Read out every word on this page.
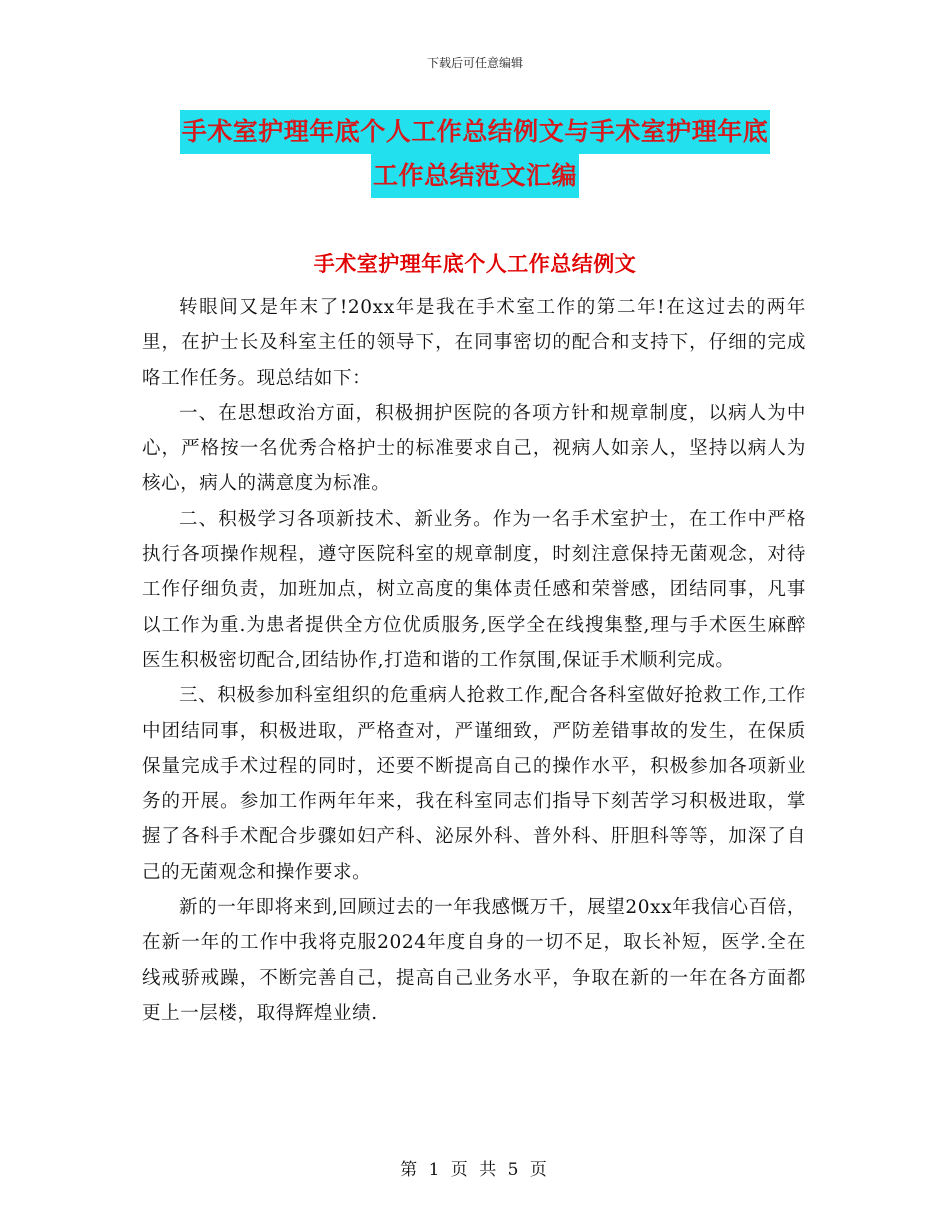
下载后可任意编辑
手术室护理年底个人工作总结例文与手术室护理年底
工作总结范文汇编
手术室护理年底个人工作总结例文

转眼间又是年末了!20xx年是我在手术室工作的第二年!在这过去的两年里，在护士长及科室主任的领导下，在同事密切的配合和支持下，仔细的完成咯工作任务。现总结如下：

一、在思想政治方面，积极拥护医院的各项方针和规章制度，以病人为中心，严格按一名优秀合格护士的标准要求自己，视病人如亲人，坚持以病人为核心，病人的满意度为标准。

二、积极学习各项新技术、新业务。作为一名手术室护士，在工作中严格执行各项操作规程，遵守医院科室的规章制度，时刻注意保持无菌观念，对待工作仔细负责，加班加点，树立高度的集体责任感和荣誉感，团结同事，凡事以工作为重.为患者提供全方位优质服务,医学全在线搜集整,理与手术医生麻醉医生积极密切配合,团结协作,打造和谐的工作氛围,保证手术顺利完成。

三、积极参加科室组织的危重病人抢救工作,配合各科室做好抢救工作,工作中团结同事，积极进取，严格查对，严谨细致，严防差错事故的发生，在保质保量完成手术过程的同时，还要不断提高自己的操作水平，积极参加各项新业务的开展。参加工作两年年来，我在科室同志们指导下刻苦学习积极进取，掌握了各科手术配合步骤如妇产科、泌尿外科、普外科、肝胆科等等，加深了自己的无菌观念和操作要求。

新的一年即将来到,回顾过去的一年我感慨万千，展望20xx年我信心百倍，在新一年的工作中我将克服2024年度自身的一切不足，取长补短，医学.全在线戒骄戒躁，不断完善自己，提高自己业务水平，争取在新的一年在各方面都更上一层楼，取得辉煌业绩.

第 1 页 共 5 页
